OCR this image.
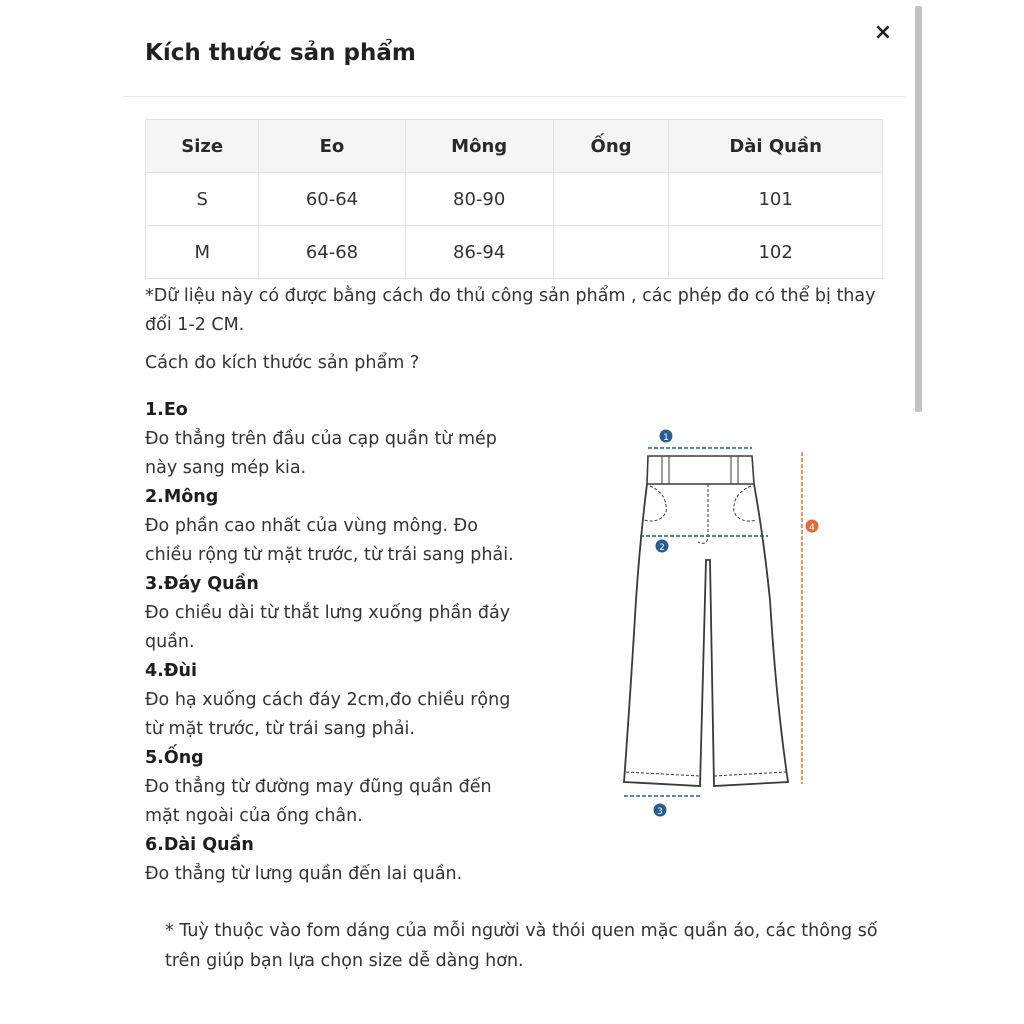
Kích thước sản phẩm
×
Size	Eo	Mông	Ống	Dài Quần
S	60-64	80-90		101
M	64-68	86-94		102
*Dữ liệu này có được bằng cách đo thủ công sản phẩm , các phép đo có thể bị thay đổi 1-2 CM.
Cách đo kích thước sản phẩm ?
1.Eo
Đo thẳng trên đầu của cạp quần từ mép này sang mép kia.
2.Mông
Đo phần cao nhất của vùng mông. Đo chiều rộng từ mặt trước, từ trái sang phải.
3.Đáy Quần
Đo chiều dài từ thắt lưng xuống phần đáy quần.
4.Đùi
Đo hạ xuống cách đáy 2cm,đo chiều rộng từ mặt trước, từ trái sang phải.
5.Ống
Đo thẳng từ đường may đũng quần đến mặt ngoài của ống chân.
6.Dài Quần
Đo thẳng từ lưng quần đến lai quần.
1
2
3
4
* Tuỳ thuộc vào fom dáng của mỗi người và thói quen mặc quần áo, các thông số trên giúp bạn lựa chọn size dễ dàng hơn.
